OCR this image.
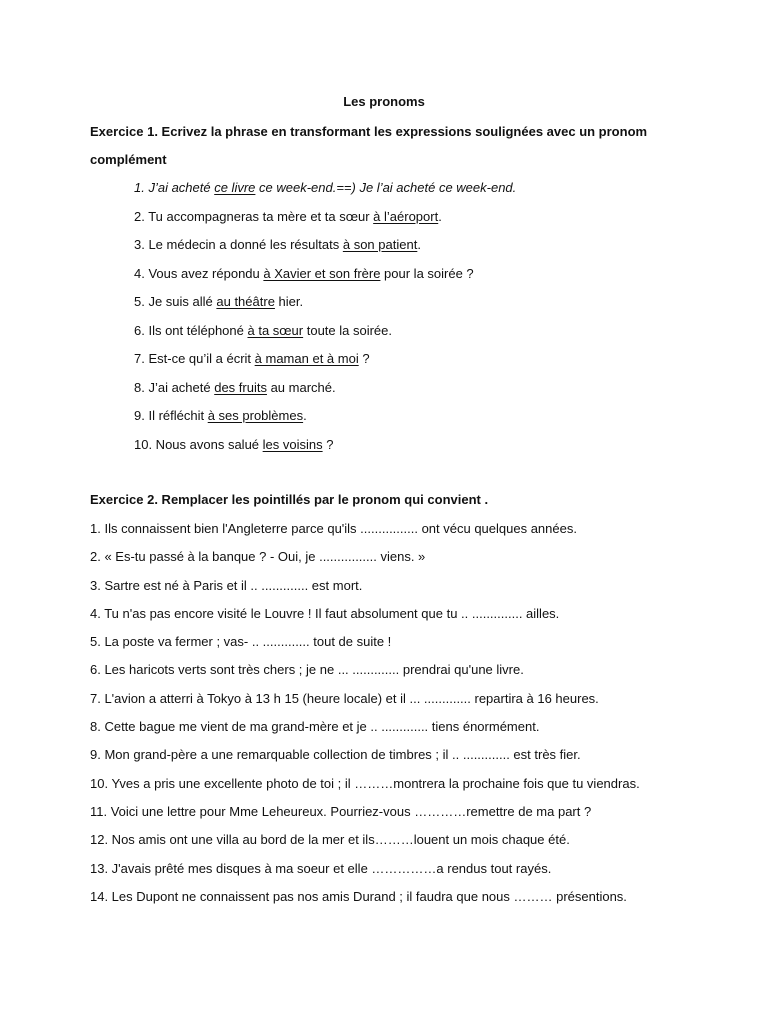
Les pronoms
Exercice 1. Ecrivez la phrase en transformant les expressions soulignées avec un pronom complément
1. J’ai acheté ce livre ce week-end.==) Je l’ai acheté ce week-end.
2. Tu accompagneras ta mère et ta sœur à l’aéroport.
3. Le médecin a donné les résultats à son patient.
4. Vous avez répondu à Xavier et son frère pour la soirée ?
5. Je suis allé au théâtre hier.
6. Ils ont téléphoné à ta sœur toute la soirée.
7. Est-ce qu’il a écrit à maman et à moi ?
8. J’ai acheté des fruits au marché.
9. Il réfléchit à ses problèmes.
10. Nous avons salué les voisins ?
Exercice 2. Remplacer les pointillés par le pronom qui convient .
1. Ils connaissent bien l'Angleterre parce qu'ils ................ ont vécu quelques années.
2. « Es-tu passé à la banque ? - Oui, je ................ viens. »
3. Sartre est né à Paris et il .. ............. est mort.
4. Tu n'as pas encore visité le Louvre ! Il faut absolument que tu .. .............. ailles.
5. La poste va fermer ; vas- .. ............. tout de suite !
6. Les haricots verts sont très chers ; je ne ... ............. prendrai qu'une livre.
7. L'avion a atterri à Tokyo à 13 h 15 (heure locale) et il ... ............. repartira à 16 heures.
8. Cette bague me vient de ma grand-mère et je .. ............. tiens énormément.
9. Mon grand-père a une remarquable collection de timbres ; il .. ............. est très fier.
10. Yves a pris une excellente photo de toi ; il ………montrera la prochaine fois que tu viendras.
11. Voici une lettre pour Mme Leheureux. Pourriez-vous …………remettre de ma part ?
12. Nos amis ont une villa au bord de la mer et ils………louent un mois chaque été.
13. J'avais prêté mes disques à ma soeur et elle ……………a rendus tout rayés.
14. Les Dupont ne connaissent pas nos amis Durand ; il faudra que nous ……… présentions.
